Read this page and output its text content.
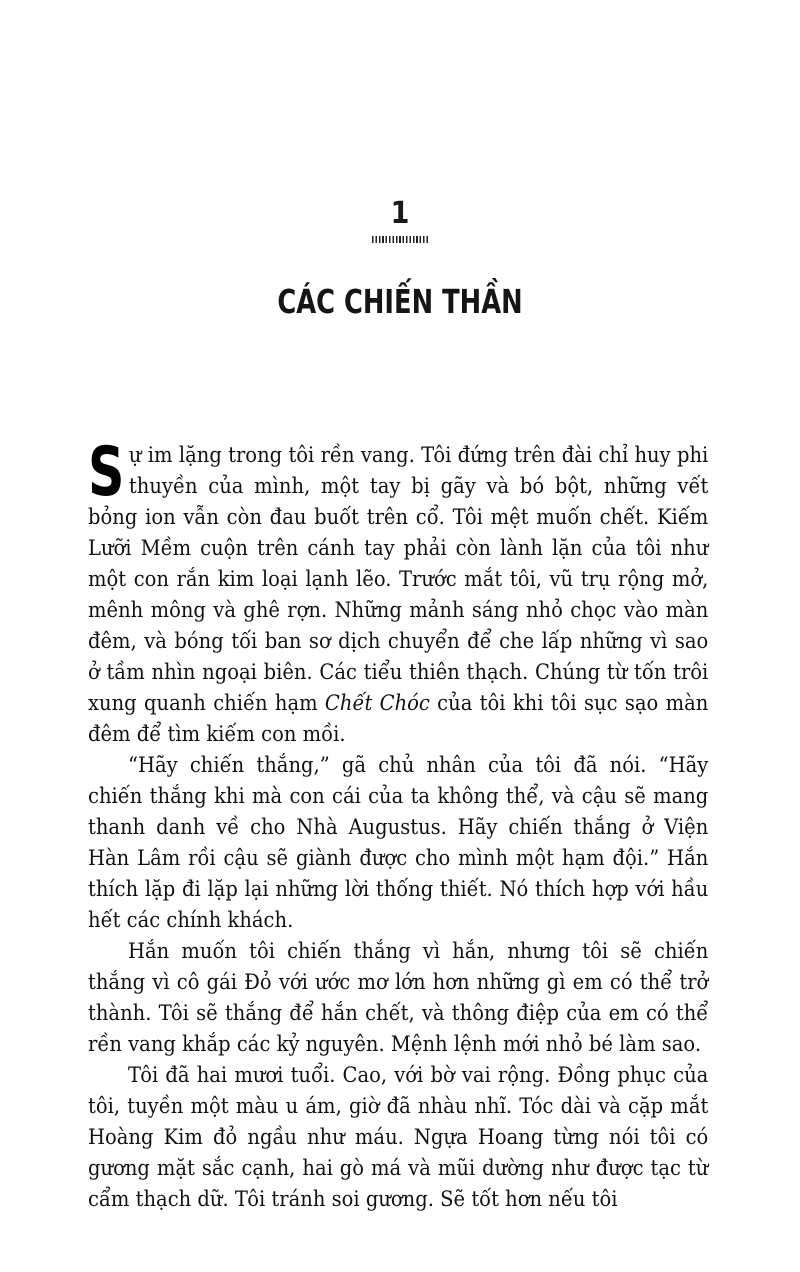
1
CÁC CHIẾN THẦN

Sự im lặng trong tôi rền vang. Tôi đứng trên đài chỉ huy phi thuyền của mình, một tay bị gãy và bó bột, những vết bỏng ion vẫn còn đau buốt trên cổ. Tôi mệt muốn chết. Kiếm Lưỡi Mềm cuộn trên cánh tay phải còn lành lặn của tôi như một con rắn kim loại lạnh lẽo. Trước mắt tôi, vũ trụ rộng mở, mênh mông và ghê rợn. Những mảnh sáng nhỏ chọc vào màn đêm, và bóng tối ban sơ dịch chuyển để che lấp những vì sao ở tầm nhìn ngoại biên. Các tiểu thiên thạch. Chúng từ tốn trôi xung quanh chiến hạm Chết Chóc của tôi khi tôi sục sạo màn đêm để tìm kiếm con mồi.

“Hãy chiến thắng,” gã chủ nhân của tôi đã nói. “Hãy chiến thắng khi mà con cái của ta không thể, và cậu sẽ mang thanh danh về cho Nhà Augustus. Hãy chiến thắng ở Viện Hàn Lâm rồi cậu sẽ giành được cho mình một hạm đội.” Hắn thích lặp đi lặp lại những lời thống thiết. Nó thích hợp với hầu hết các chính khách.

Hắn muốn tôi chiến thắng vì hắn, nhưng tôi sẽ chiến thắng vì cô gái Đỏ với ước mơ lớn hơn những gì em có thể trở thành. Tôi sẽ thắng để hắn chết, và thông điệp của em có thể rền vang khắp các kỷ nguyên. Mệnh lệnh mới nhỏ bé làm sao.

Tôi đã hai mươi tuổi. Cao, với bờ vai rộng. Đồng phục của tôi, tuyền một màu u ám, giờ đã nhàu nhĩ. Tóc dài và cặp mắt Hoàng Kim đỏ ngầu như máu. Ngựa Hoang từng nói tôi có gương mặt sắc cạnh, hai gò má và mũi dường như được tạc từ cẩm thạch dữ. Tôi tránh soi gương. Sẽ tốt hơn nếu tôi
